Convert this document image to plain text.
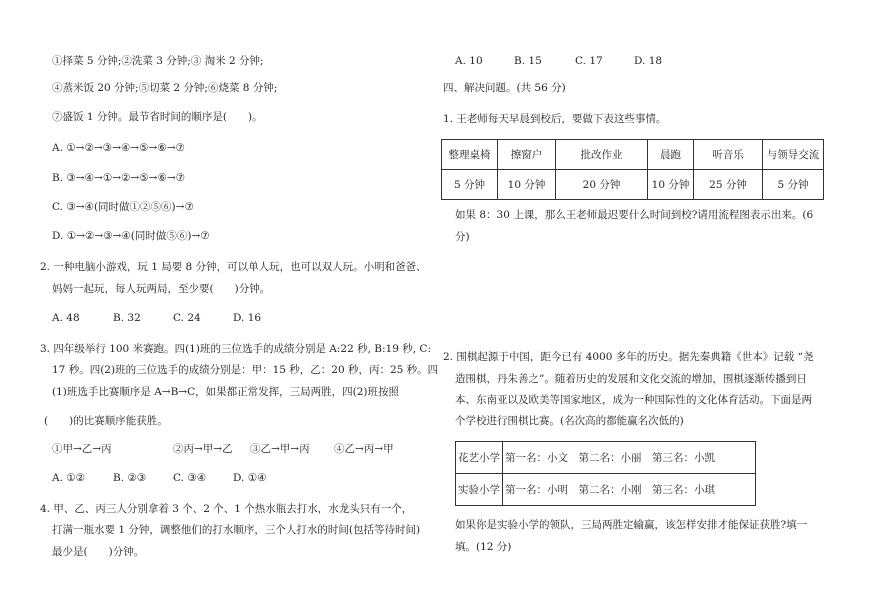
①择菜 5 分钟;②洗菜 3 分钟;③ 淘米 2 分钟;
④蒸米饭 20 分钟;⑤切菜 2 分钟;⑥烧菜 8 分钟;
⑦盛饭 1 分钟。最节省时间的顺序是(　　)。
A. ①→②→③→④→⑤→⑥→⑦
B. ③→④→①→②→⑤→⑥→⑦
C. ③→④(同时做①②⑤⑥)→⑦
D. ①→②→③→④(同时做⑤⑥)→⑦
2. 一种电脑小游戏，玩 1 局要 8 分钟，可以单人玩，也可以双人玩。小明和爸爸、
妈妈一起玩，每人玩两局，至少要(　　)分钟。
A. 48	B. 32	C. 24	D. 16
3. 四年级举行 100 米赛跑。四(1)班的三位选手的成绩分别是 A:22 秒, B:19 秒, C:
17 秒。四(2)班的三位选手的成绩分别是：甲：15 秒，乙：20 秒，丙：25 秒。四
(1)班选手比赛顺序是 A→B→C，如果都正常发挥，三局两胜，四(2)班按照
(　　)的比赛顺序能获胜。
①甲→乙→丙	②丙→甲→乙 ③乙→甲→丙 ④乙→丙→甲
A. ①②	B. ②③	C. ③④	D. ①④
4. 甲、乙、丙三人分别拿着 3 个、2 个、1 个热水瓶去打水，水龙头只有一个，
打满一瓶水要 1 分钟，调整他们的打水顺序，三个人打水的时间(包括等待时间)
最少是(　　)分钟。
A. 10	B. 15	C. 17	D. 18
四、解决问题。(共 56 分)
1. 王老师每天早晨到校后，要做下表这些事情。
整理桌椅	擦窗户	批改作业	晨跑	听音乐	与领导交流
5 分钟	10 分钟	20 分钟	10 分钟	25 分钟	5 分钟
如果 8：30 上课，那么王老师最迟要什么时间到校?请用流程图表示出来。(6
分)
2. 围棋起源于中国，距今已有 4000 多年的历史。据先秦典籍《世本》记载 “尧
造围棋，丹朱善之”。随着历史的发展和文化交流的增加，围棋逐渐传播到日
本、东南亚以及欧美等国家地区，成为一种国际性的文化体育活动。下面是两
个学校进行围棋比赛。(名次高的都能赢名次低的)
花艺小学	第一名：小文　第二名：小丽　第三名：小凯
实验小学	第一名：小明　第二名：小刚　第三名：小琪
如果你是实验小学的领队，三局两胜定输赢，该怎样安排才能保证获胜?填一
填。(12 分)
